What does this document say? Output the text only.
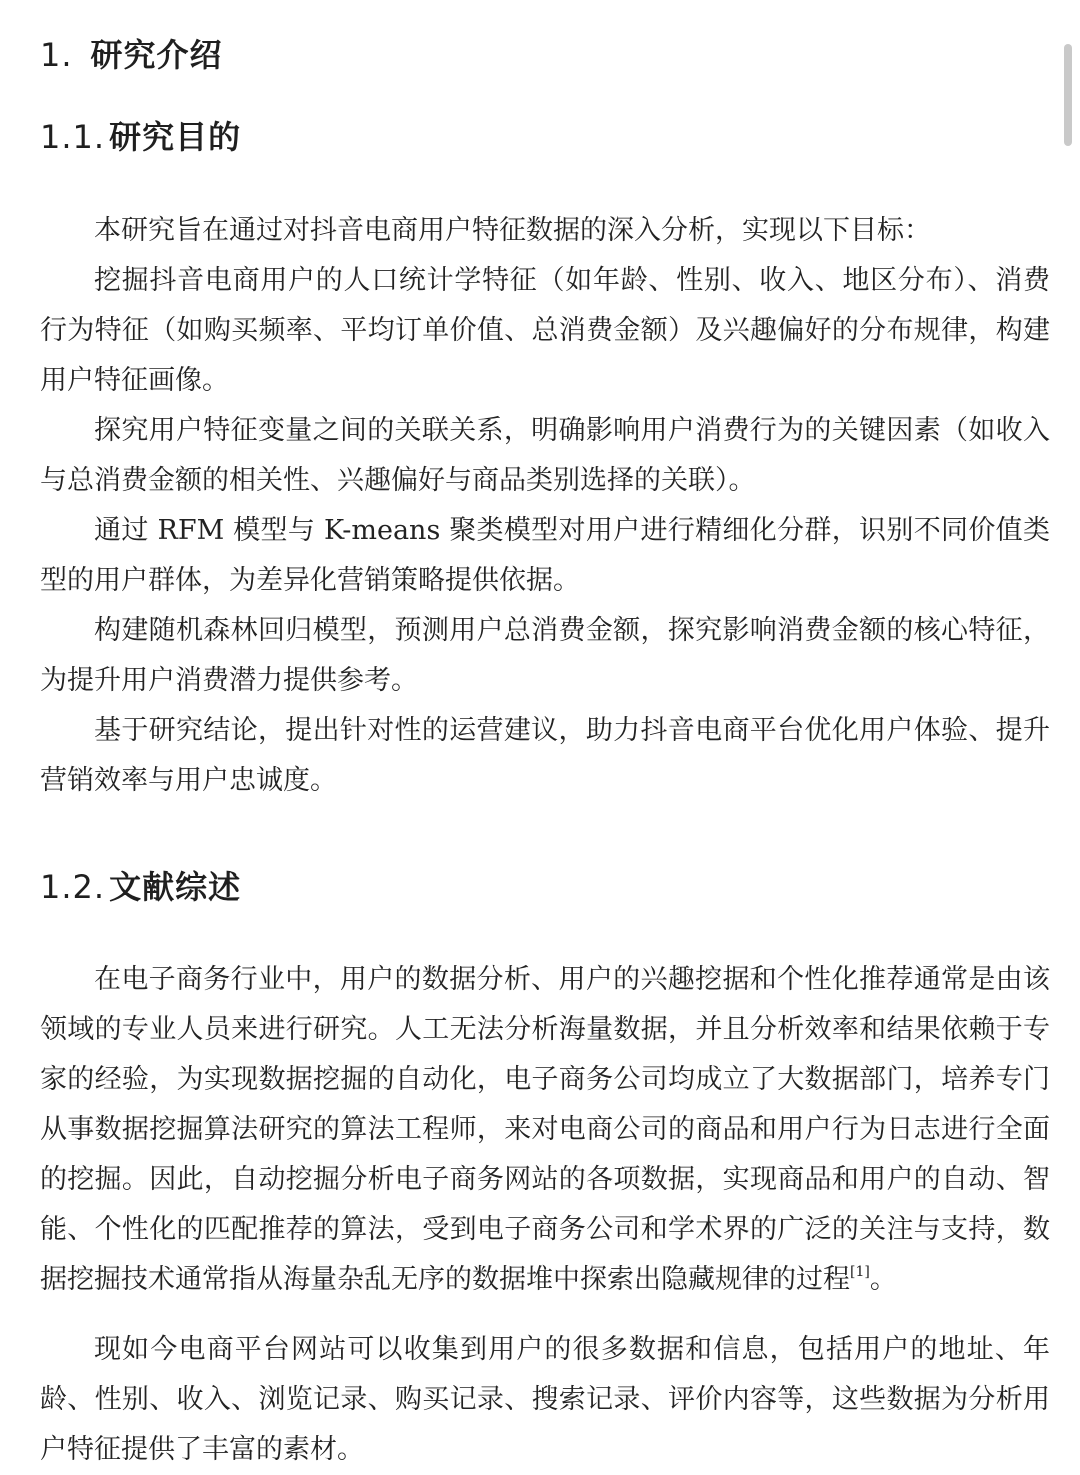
1. 研究介绍
1.1. 研究目的

本研究旨在通过对抖音电商用户特征数据的深入分析，实现以下目标：

挖掘抖音电商用户的人口统计学特征（如年龄、性别、收入、地区分布）、消费行为特征（如购买频率、平均订单价值、总消费金额）及兴趣偏好的分布规律，构建用户特征画像。

探究用户特征变量之间的关联关系，明确影响用户消费行为的关键因素（如收入与总消费金额的相关性、兴趣偏好与商品类别选择的关联）。

通过 RFM 模型与 K-means 聚类模型对用户进行精细化分群，识别不同价值类型的用户群体，为差异化营销策略提供依据。

构建随机森林回归模型，预测用户总消费金额，探究影响消费金额的核心特征，为提升用户消费潜力提供参考。

基于研究结论，提出针对性的运营建议，助力抖音电商平台优化用户体验、提升营销效率与用户忠诚度。

1.2. 文献综述

在电子商务行业中，用户的数据分析、用户的兴趣挖据和个性化推荐通常是由该领域的专业人员来进行研究。人工无法分析海量数据，并且分析效率和结果依赖于专家的经验，为实现数据挖掘的自动化，电子商务公司均成立了大数据部门，培养专门从事数据挖掘算法研究的算法工程师，来对电商公司的商品和用户行为日志进行全面的挖掘。因此，自动挖掘分析电子商务网站的各项数据，实现商品和用户的自动、智能、个性化的匹配推荐的算法，受到电子商务公司和学术界的广泛的关注与支持，数据挖掘技术通常指从海量杂乱无序的数据堆中探索出隐藏规律的过程[1]。

现如今电商平台网站可以收集到用户的很多数据和信息，包括用户的地址、年龄、性别、收入、浏览记录、购买记录、搜索记录、评价内容等，这些数据为分析用户特征提供了丰富的素材。
